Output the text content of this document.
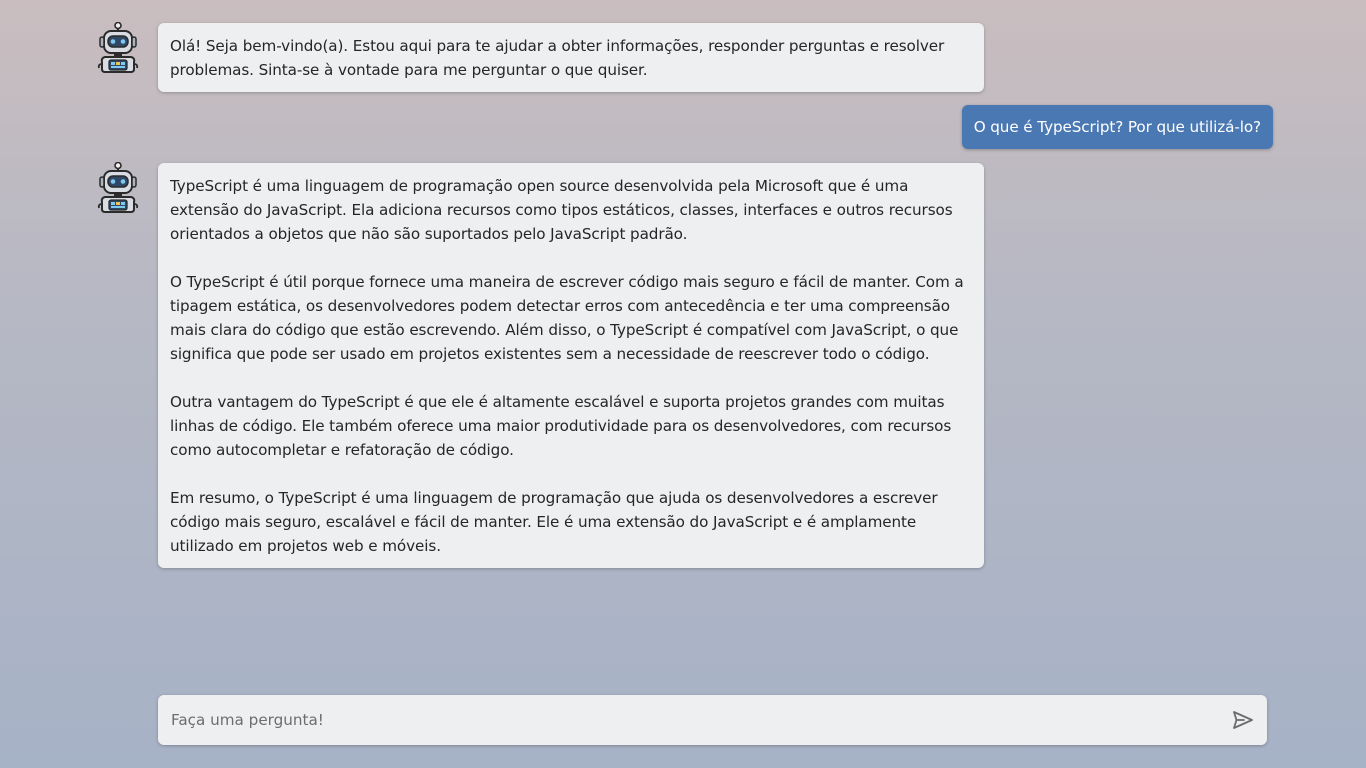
Olá! Seja bem-vindo(a). Estou aqui para te ajudar a obter informações, responder perguntas e resolver problemas. Sinta-se à vontade para me perguntar o que quiser.

O que é TypeScript? Por que utilizá-lo?

TypeScript é uma linguagem de programação open source desenvolvida pela Microsoft que é uma extensão do JavaScript. Ela adiciona recursos como tipos estáticos, classes, interfaces e outros recursos orientados a objetos que não são suportados pelo JavaScript padrão.

O TypeScript é útil porque fornece uma maneira de escrever código mais seguro e fácil de manter. Com a tipagem estática, os desenvolvedores podem detectar erros com antecedência e ter uma compreensão mais clara do código que estão escrevendo. Além disso, o TypeScript é compatível com JavaScript, o que significa que pode ser usado em projetos existentes sem a necessidade de reescrever todo o código.

Outra vantagem do TypeScript é que ele é altamente escalável e suporta projetos grandes com muitas linhas de código. Ele também oferece uma maior produtividade para os desenvolvedores, com recursos como autocompletar e refatoração de código.

Em resumo, o TypeScript é uma linguagem de programação que ajuda os desenvolvedores a escrever código mais seguro, escalável e fácil de manter. Ele é uma extensão do JavaScript e é amplamente utilizado em projetos web e móveis.

Faça uma pergunta!
